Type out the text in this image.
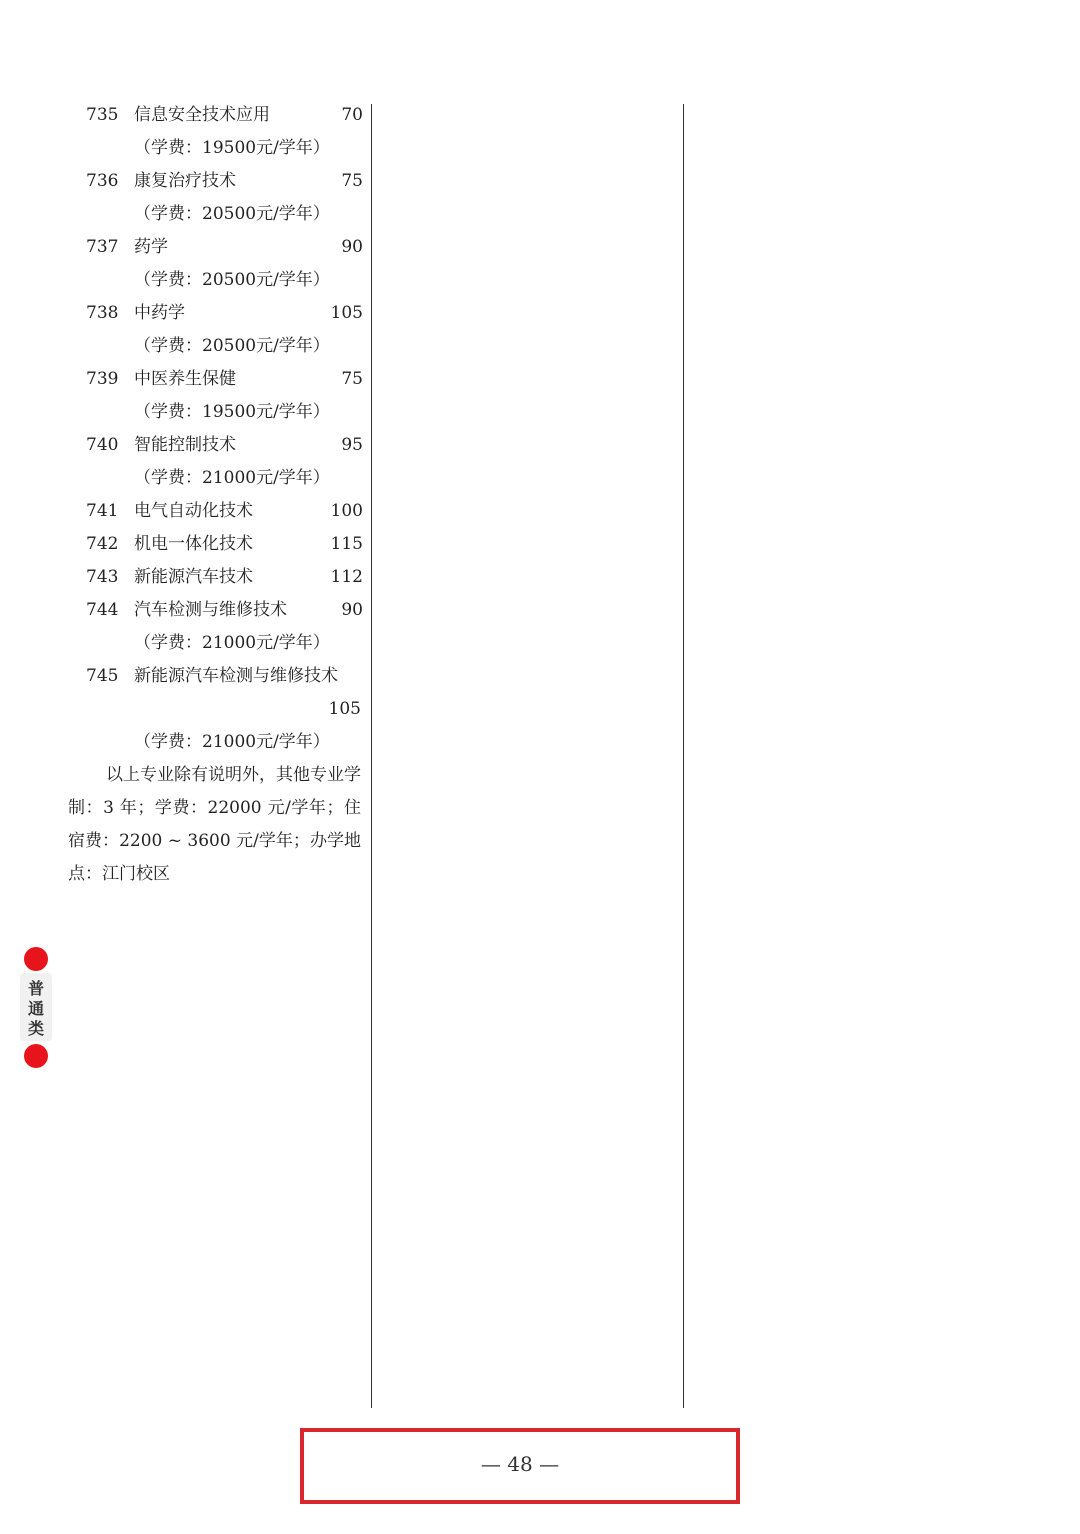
735 信息安全技术应用	70
（学费：19500元/学年）
736 康复治疗技术	75
（学费：20500元/学年）
737 药学	90
（学费：20500元/学年）
738 中药学	105
（学费：20500元/学年）
739 中医养生保健	75
（学费：19500元/学年）
740 智能控制技术	95
（学费：21000元/学年）
741 电气自动化技术	100
742 机电一体化技术	115
743 新能源汽车技术	112
744 汽车检测与维修技术	90
（学费：21000元/学年）
745 新能源汽车检测与维修技术
105
（学费：21000元/学年）
以上专业除有说明外，其他专业学制：3 年；学费：22000 元/学年；住宿费：2200 ~ 3600 元/学年；办学地点：江门校区
普通类
— 48 —
